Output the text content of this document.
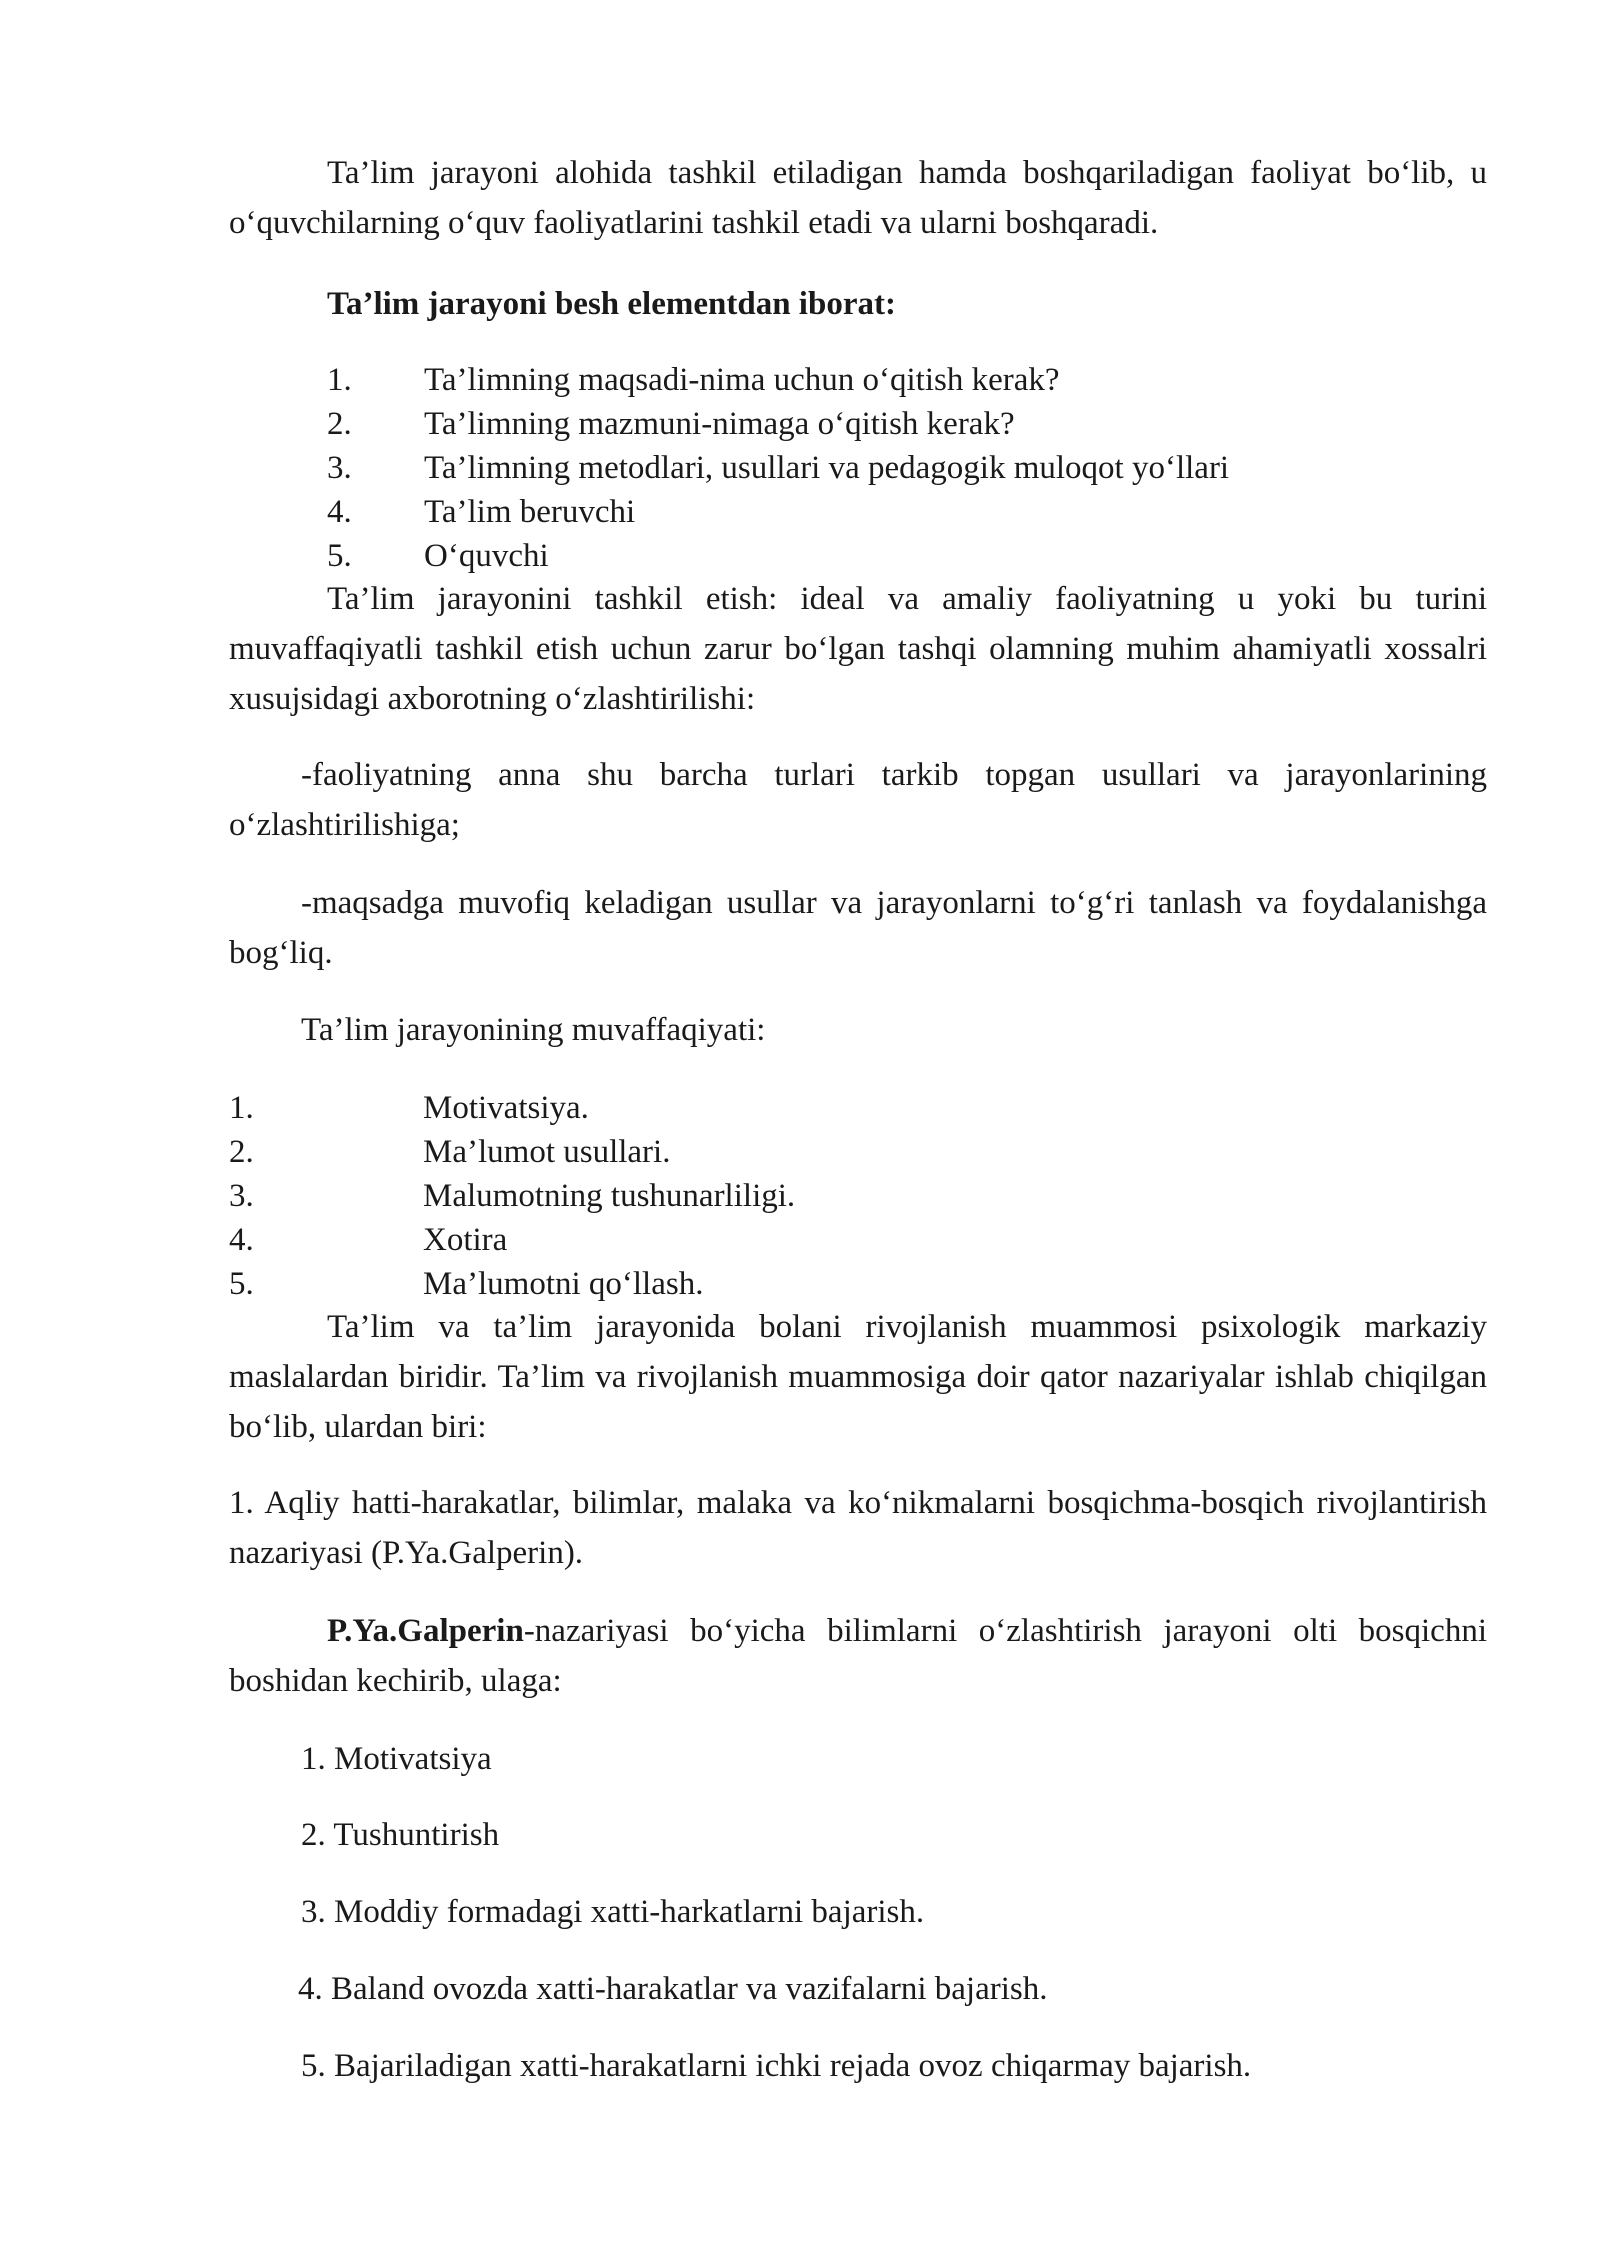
Ta’lim jarayoni alohida tashkil etiladigan hamda boshqariladigan faoliyat bo‘lib, u o‘quvchilarning o‘quv faoliyatlarini tashkil etadi va ularni boshqaradi.

Ta’lim jarayoni besh elementdan iborat:
1. Ta’limning maqsadi-nima uchun o‘qitish kerak?
2. Ta’limning mazmuni-nimaga o‘qitish kerak?
3. Ta’limning metodlari, usullari va pedagogik muloqot yo‘llari
4. Ta’lim beruvchi
5. O‘quvchi

Ta’lim jarayonini tashkil etish: ideal va amaliy faoliyatning u yoki bu turini muvaffaqiyatli tashkil etish uchun zarur bo‘lgan tashqi olamning muhim ahamiyatli xossalri xusujsidagi axborotning o‘zlashtirilishi:

-faoliyatning anna shu barcha turlari tarkib topgan usullari va jarayonlarining o‘zlashtirilishiga;

-maqsadga muvofiq keladigan usullar va jarayonlarni to‘g‘ri tanlash va foydalanishga bog‘liq.

Ta’lim jarayonining muvaffaqiyati:
1.	Motivatsiya.
2.	Ma’lumot usullari.
3.	Malumotning tushunarliligi.
4.	Xotira
5.	Ma’lumotni qo‘llash.

Ta’lim va ta’lim jarayonida bolani rivojlanish muammosi psixologik markaziy maslalardan biridir. Ta’lim va rivojlanish muammosiga doir qator nazariyalar ishlab chiqilgan bo‘lib, ulardan biri:

1. Aqliy hatti-harakatlar, bilimlar, malaka va ko‘nikmalarni bosqichma-bosqich rivojlantirish nazariyasi (P.Ya.Galperin).

P.Ya.Galperin-nazariyasi bo‘yicha bilimlarni o‘zlashtirish jarayoni olti bosqichni boshidan kechirib, ulaga:

1. Motivatsiya
2. Tushuntirish
3. Moddiy formadagi xatti-harkatlarni bajarish.
4. Baland ovozda xatti-harakatlar va vazifalarni bajarish.
5. Bajariladigan xatti-harakatlarni ichki rejada ovoz chiqarmay bajarish.
